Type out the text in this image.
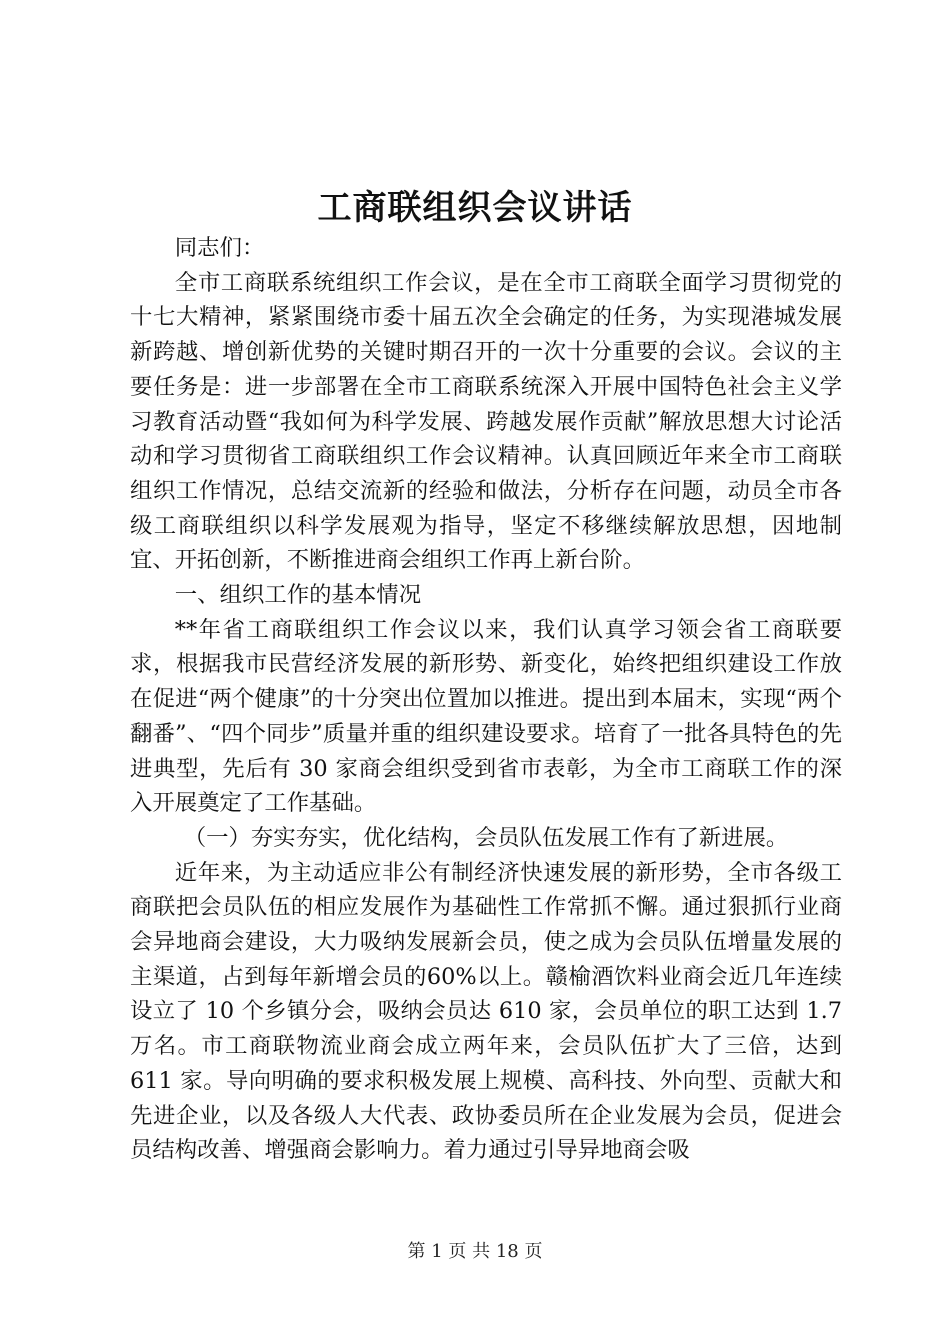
工商联组织会议讲话

同志们：

全市工商联系统组织工作会议，是在全市工商联全面学习贯彻党的十七大精神，紧紧围绕市委十届五次全会确定的任务，为实现港城发展新跨越、增创新优势的关键时期召开的一次十分重要的会议。会议的主要任务是：进一步部署在全市工商联系统深入开展中国特色社会主义学习教育活动暨“我如何为科学发展、跨越发展作贡献”解放思想大讨论活动和学习贯彻省工商联组织工作会议精神。认真回顾近年来全市工商联组织工作情况，总结交流新的经验和做法，分析存在问题，动员全市各级工商联组织以科学发展观为指导，坚定不移继续解放思想，因地制宜、开拓创新，不断推进商会组织工作再上新台阶。

一、组织工作的基本情况

**年省工商联组织工作会议以来，我们认真学习领会省工商联要求，根据我市民营经济发展的新形势、新变化，始终把组织建设工作放在促进“两个健康”的十分突出位置加以推进。提出到本届末，实现“两个翻番”、“四个同步”质量并重的组织建设要求。培育了一批各具特色的先进典型，先后有 30 家商会组织受到省市表彰，为全市工商联工作的深入开展奠定了工作基础。

（一）夯实夯实，优化结构，会员队伍发展工作有了新进展。

近年来，为主动适应非公有制经济快速发展的新形势，全市各级工商联把会员队伍的相应发展作为基础性工作常抓不懈。通过狠抓行业商会异地商会建设，大力吸纳发展新会员，使之成为会员队伍增量发展的主渠道，占到每年新增会员的60%以上。赣榆酒饮料业商会近几年连续设立了 10 个乡镇分会，吸纳会员达 610 家，会员单位的职工达到 1.7 万名。市工商联物流业商会成立两年来，会员队伍扩大了三倍，达到 611 家。导向明确的要求积极发展上规模、高科技、外向型、贡献大和先进企业，以及各级人大代表、政协委员所在企业发展为会员，促进会员结构改善、增强商会影响力。着力通过引导异地商会吸

第 1 页 共 18 页
